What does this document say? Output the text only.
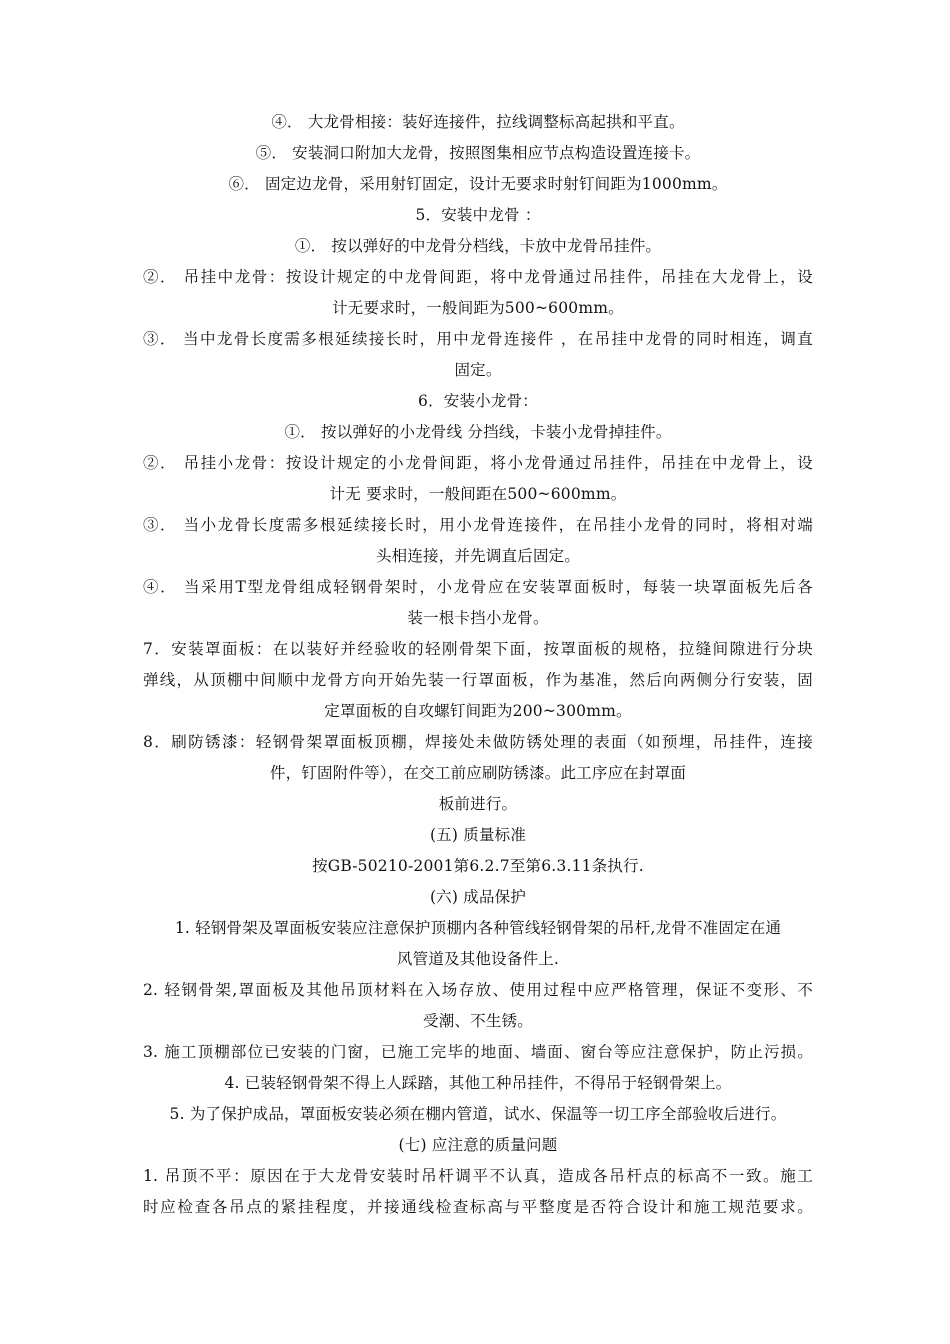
④． 大龙骨相接：装好连接件，拉线调整标高起拱和平直。
⑤． 安装洞口附加大龙骨，按照图集相应节点构造设置连接卡。
⑥． 固定边龙骨，采用射钉固定，设计无要求时射钉间距为1000mm。
5．安装中龙骨 ：
①． 按以弹好的中龙骨分档线，卡放中龙骨吊挂件。
②． 吊挂中龙骨：按设计规定的中龙骨间距，将中龙骨通过吊挂件，吊挂在大龙骨上，设
计无要求时，一般间距为500~600mm。
③． 当中龙骨长度需多根延续接长时，用中龙骨连接件 ，在吊挂中龙骨的同时相连，调直
固定。
6．安装小龙骨：
①． 按以弹好的小龙骨线 分挡线，卡装小龙骨掉挂件。
②． 吊挂小龙骨：按设计规定的小龙骨间距，将小龙骨通过吊挂件，吊挂在中龙骨上，设
计无 要求时，一般间距在500~600mm。
③． 当小龙骨长度需多根延续接长时，用小龙骨连接件，在吊挂小龙骨的同时，将相对端
头相连接，并先调直后固定。
④． 当采用T型龙骨组成轻钢骨架时，小龙骨应在安装罩面板时，每装一块罩面板先后各
装一根卡挡小龙骨。
7．安装罩面板：在以装好并经验收的轻刚骨架下面，按罩面板的规格，拉缝间隙进行分块
弹线，从顶棚中间顺中龙骨方向开始先装一行罩面板，作为基准，然后向两侧分行安装，固
定罩面板的自攻螺钉间距为200~300mm。
8．刷防锈漆：轻钢骨架罩面板顶棚，焊接处未做防锈处理的表面（如预埋，吊挂件，连接
件，钉固附件等），在交工前应刷防锈漆。此工序应在封罩面
板前进行。
(五) 质量标准
按GB-50210-2001第6.2.7至第6.3.11条执行.
(六) 成品保护
1. 轻钢骨架及罩面板安装应注意保护顶棚内各种管线轻钢骨架的吊杆,龙骨不准固定在通
风管道及其他设备件上.
2. 轻钢骨架,罩面板及其他吊顶材料在入场存放、使用过程中应严格管理，保证不变形、不
受潮、不生锈。
3. 施工顶棚部位已安装的门窗，已施工完毕的地面、墙面、窗台等应注意保护，防止污损。
4. 已装轻钢骨架不得上人踩踏，其他工种吊挂件，不得吊于轻钢骨架上。
5. 为了保护成品，罩面板安装必须在棚内管道，试水、保温等一切工序全部验收后进行。
(七) 应注意的质量问题
1. 吊顶不平：原因在于大龙骨安装时吊杆调平不认真，造成各吊杆点的标高不一致。施工
时应检查各吊点的紧挂程度，并接通线检查标高与平整度是否符合设计和施工规范要求。
